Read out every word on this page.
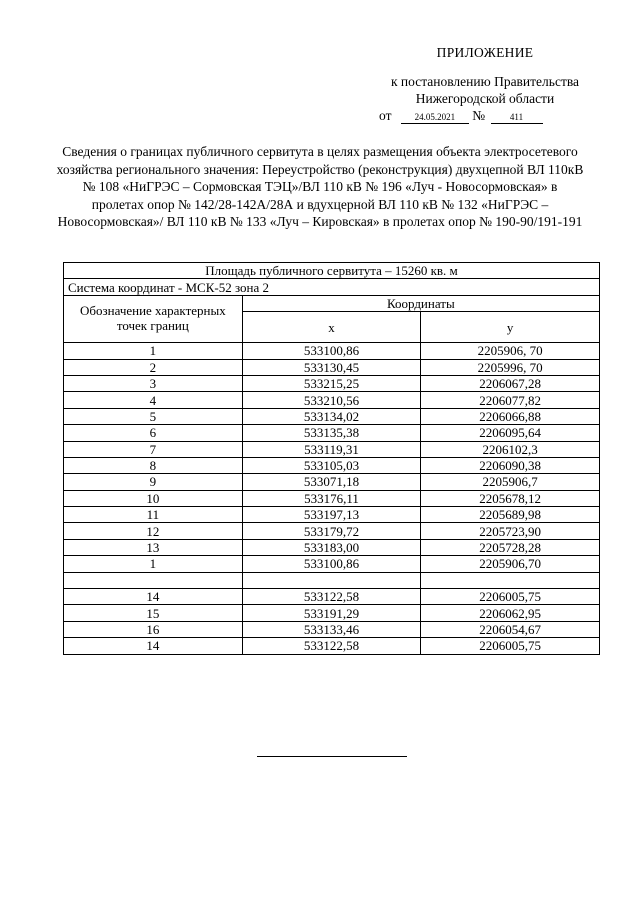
ПРИЛОЖЕНИЕ
к постановлению Правительства
Нижегородской области
от	24.05.2021 №	411
Сведения о границах публичного сервитута в целях размещения объекта электросетевого хозяйства регионального значения: Переустройство (реконструкция) двухцепной ВЛ 110кВ № 108 «НиГРЭС – Сормовская ТЭЦ»/ВЛ 110 кВ № 196 «Луч - Новосормовская» в пролетах опор № 142/28-142А/28А и вдухцерной ВЛ 110 кВ № 132 «НиГРЭС – Новосормовская»/ ВЛ 110 кВ № 133 «Луч – Кировская» в пролетах опор № 190-90/191-191
Площадь публичного сервитута – 15260 кв. м		
Система координат - МСК-52 зона 2		
Обозначение характерных точек границ	Координаты	
	x	y
1	533100,86	2205906, 70
2	533130,45	2205996, 70
3	533215,25	2206067,28
4	533210,56	2206077,82
5	533134,02	2206066,88
6	533135,38	2206095,64
7	533119,31	2206102,3
8	533105,03	2206090,38
9	533071,18	2205906,7
10	533176,11	2205678,12
11	533197,13	2205689,98
12	533179,72	2205723,90
13	533183,00	2205728,28
1	533100,86	2205906,70

14	533122,58	2206005,75
15	533191,29	2206062,95
16	533133,46	2206054,67
14	533122,58	2206005,75
